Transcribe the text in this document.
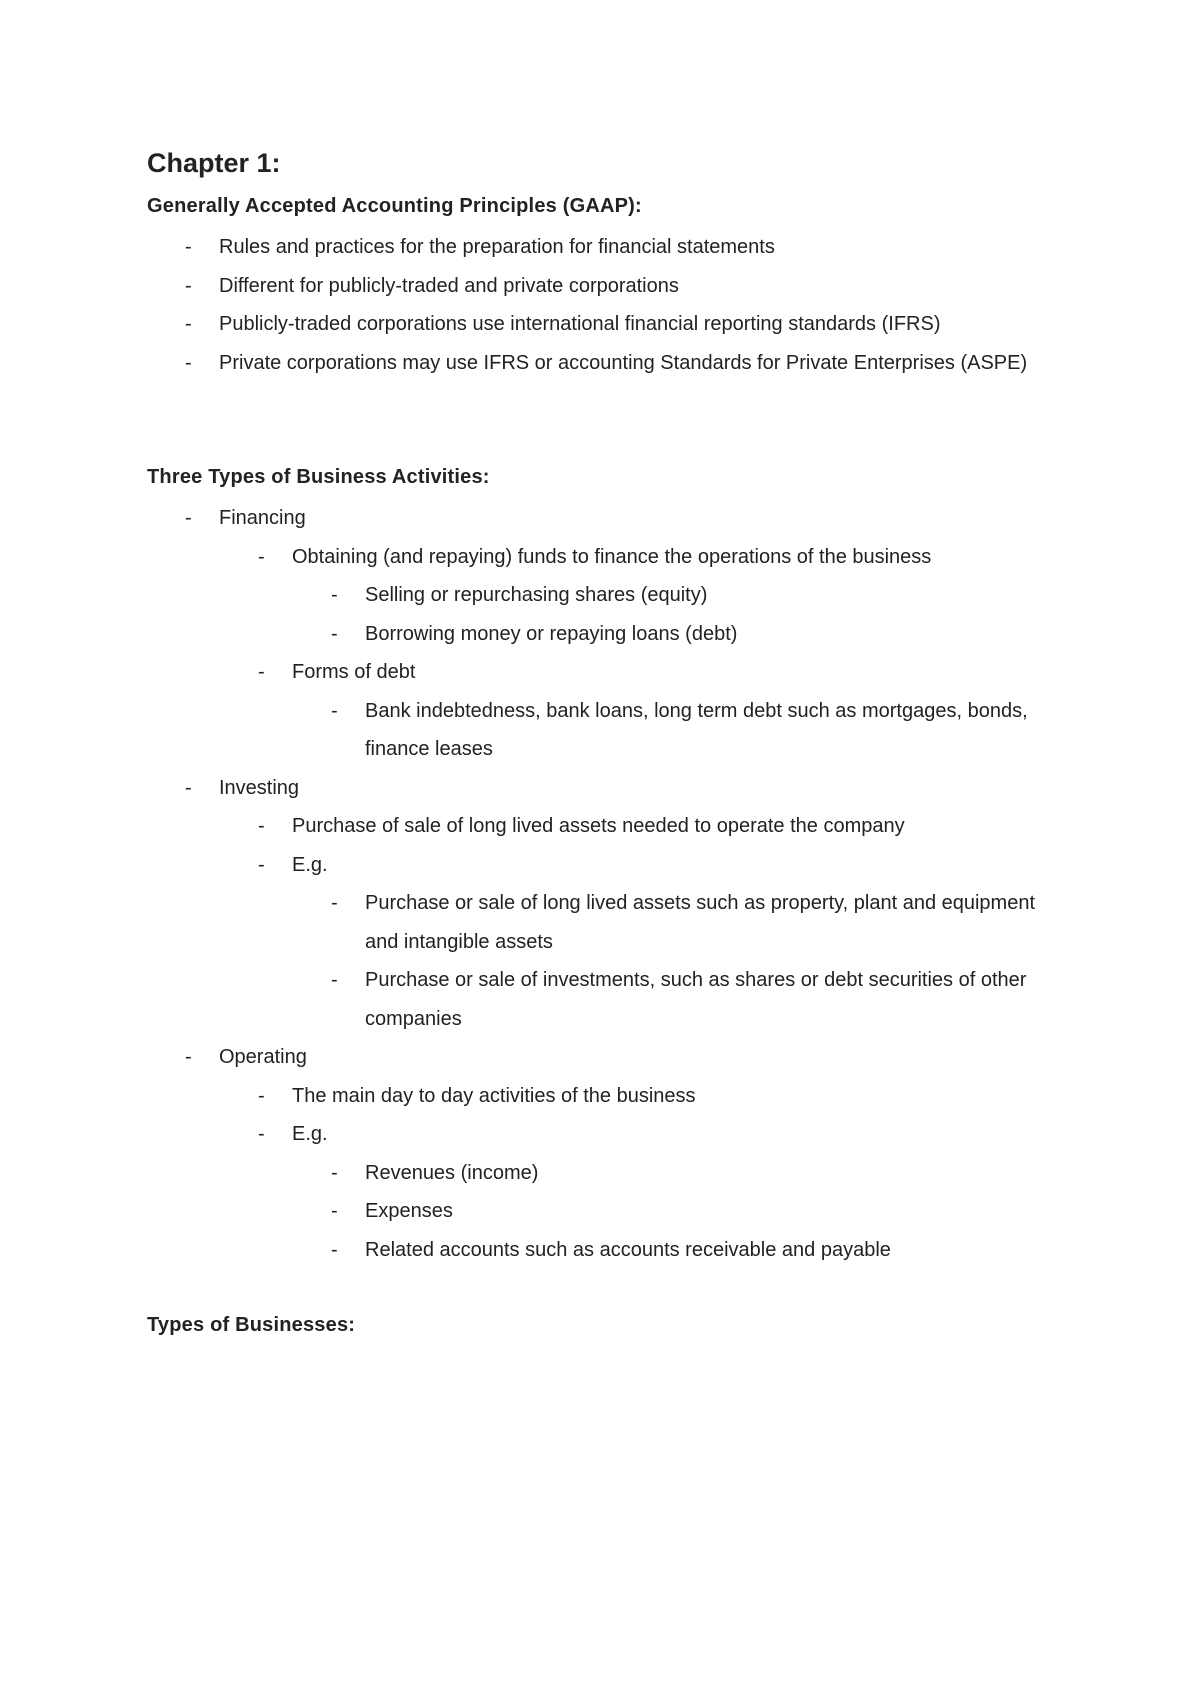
Chapter 1:
Generally Accepted Accounting Principles (GAAP):
-	Rules and practices for the preparation for financial statements
-	Different for publicly-traded and private corporations
-	Publicly-traded corporations use international financial reporting standards (IFRS)
-	Private corporations may use IFRS or accounting Standards for Private Enterprises (ASPE)
Three Types of Business Activities:
-	Financing
-	Obtaining (and repaying) funds to finance the operations of the business
-	Selling or repurchasing shares (equity)
-	Borrowing money or repaying loans (debt)
-	Forms of debt
-	Bank indebtedness, bank loans, long term debt such as mortgages, bonds, finance leases
-	Investing
-	Purchase of sale of long lived assets needed to operate the company
-	E.g.
-	Purchase or sale of long lived assets such as property, plant and equipment and intangible assets
-	Purchase or sale of investments, such as shares or debt securities of other companies
-	Operating
-	The main day to day activities of the business
-	E.g.
-	Revenues (income)
-	Expenses
-	Related accounts such as accounts receivable and payable
Types of Businesses:
